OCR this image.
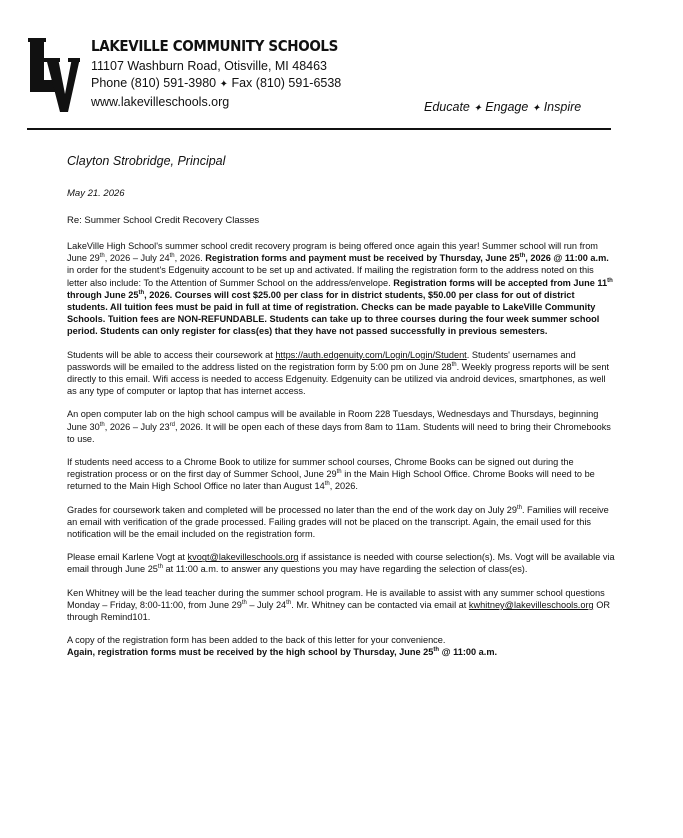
LAKEVILLE COMMUNITY SCHOOLS
11107 Washburn Road, Otisville, MI 48463
Phone (810) 591-3980 ✦ Fax (810) 591-6538
www.lakevilleschools.org	Educate ✦ Engage ✦ Inspire
Clayton Strobridge, Principal
May 21. 2026
Re: Summer School Credit Recovery Classes

LakeVille High School's summer school credit recovery program is being offered once again this year! Summer school will run from June 29th, 2026 – July 24th, 2026. Registration forms and payment must be received by Thursday, June 25th, 2026 @ 11:00 a.m. in order for the student's Edgenuity account to be set up and activated. If mailing the registration form to the address noted on this letter also include: To the Attention of Summer School on the address/envelope. Registration forms will be accepted from June 11th through June 25th, 2026. Courses will cost $25.00 per class for in district students, $50.00 per class for out of district students. All tuition fees must be paid in full at time of registration. Checks can be made payable to LakeVille Community Schools. Tuition fees are NON-REFUNDABLE. Students can take up to three courses during the four week summer school period. Students can only register for class(es) that they have not passed successfully in previous semesters.

Students will be able to access their coursework at https://auth.edgenuity.com/Login/Login/Student. Students' usernames and passwords will be emailed to the address listed on the registration form by 5:00 pm on June 28th. Weekly progress reports will be sent directly to this email. Wifi access is needed to access Edgenuity. Edgenuity can be utilized via android devices, smartphones, as well as any type of computer or laptop that has internet access.

An open computer lab on the high school campus will be available in Room 228 Tuesdays, Wednesdays and Thursdays, beginning June 30th, 2026 – July 23rd, 2026. It will be open each of these days from 8am to 11am. Students will need to bring their Chromebooks to use.

If students need access to a Chrome Book to utilize for summer school courses, Chrome Books can be signed out during the registration process or on the first day of Summer School, June 29th in the Main High School Office. Chrome Books will need to be returned to the Main High School Office no later than August 14th, 2026.

Grades for coursework taken and completed will be processed no later than the end of the work day on July 29th. Families will receive an email with verification of the grade processed. Failing grades will not be placed on the transcript. Again, the email used for this notification will be the email included on the registration form.

Please email Karlene Vogt at kvogt@lakevilleschools.org if assistance is needed with course selection(s). Ms. Vogt will be available via email through June 25th at 11:00 a.m. to answer any questions you may have regarding the selection of class(es).

Ken Whitney will be the lead teacher during the summer school program. He is available to assist with any summer school questions Monday – Friday, 8:00-11:00, from June 29th – July 24th. Mr. Whitney can be contacted via email at kwhitney@lakevilleschools.org OR through Remind101.

A copy of the registration form has been added to the back of this letter for your convenience.
Again, registration forms must be received by the high school by Thursday, June 25th @ 11:00 a.m.
